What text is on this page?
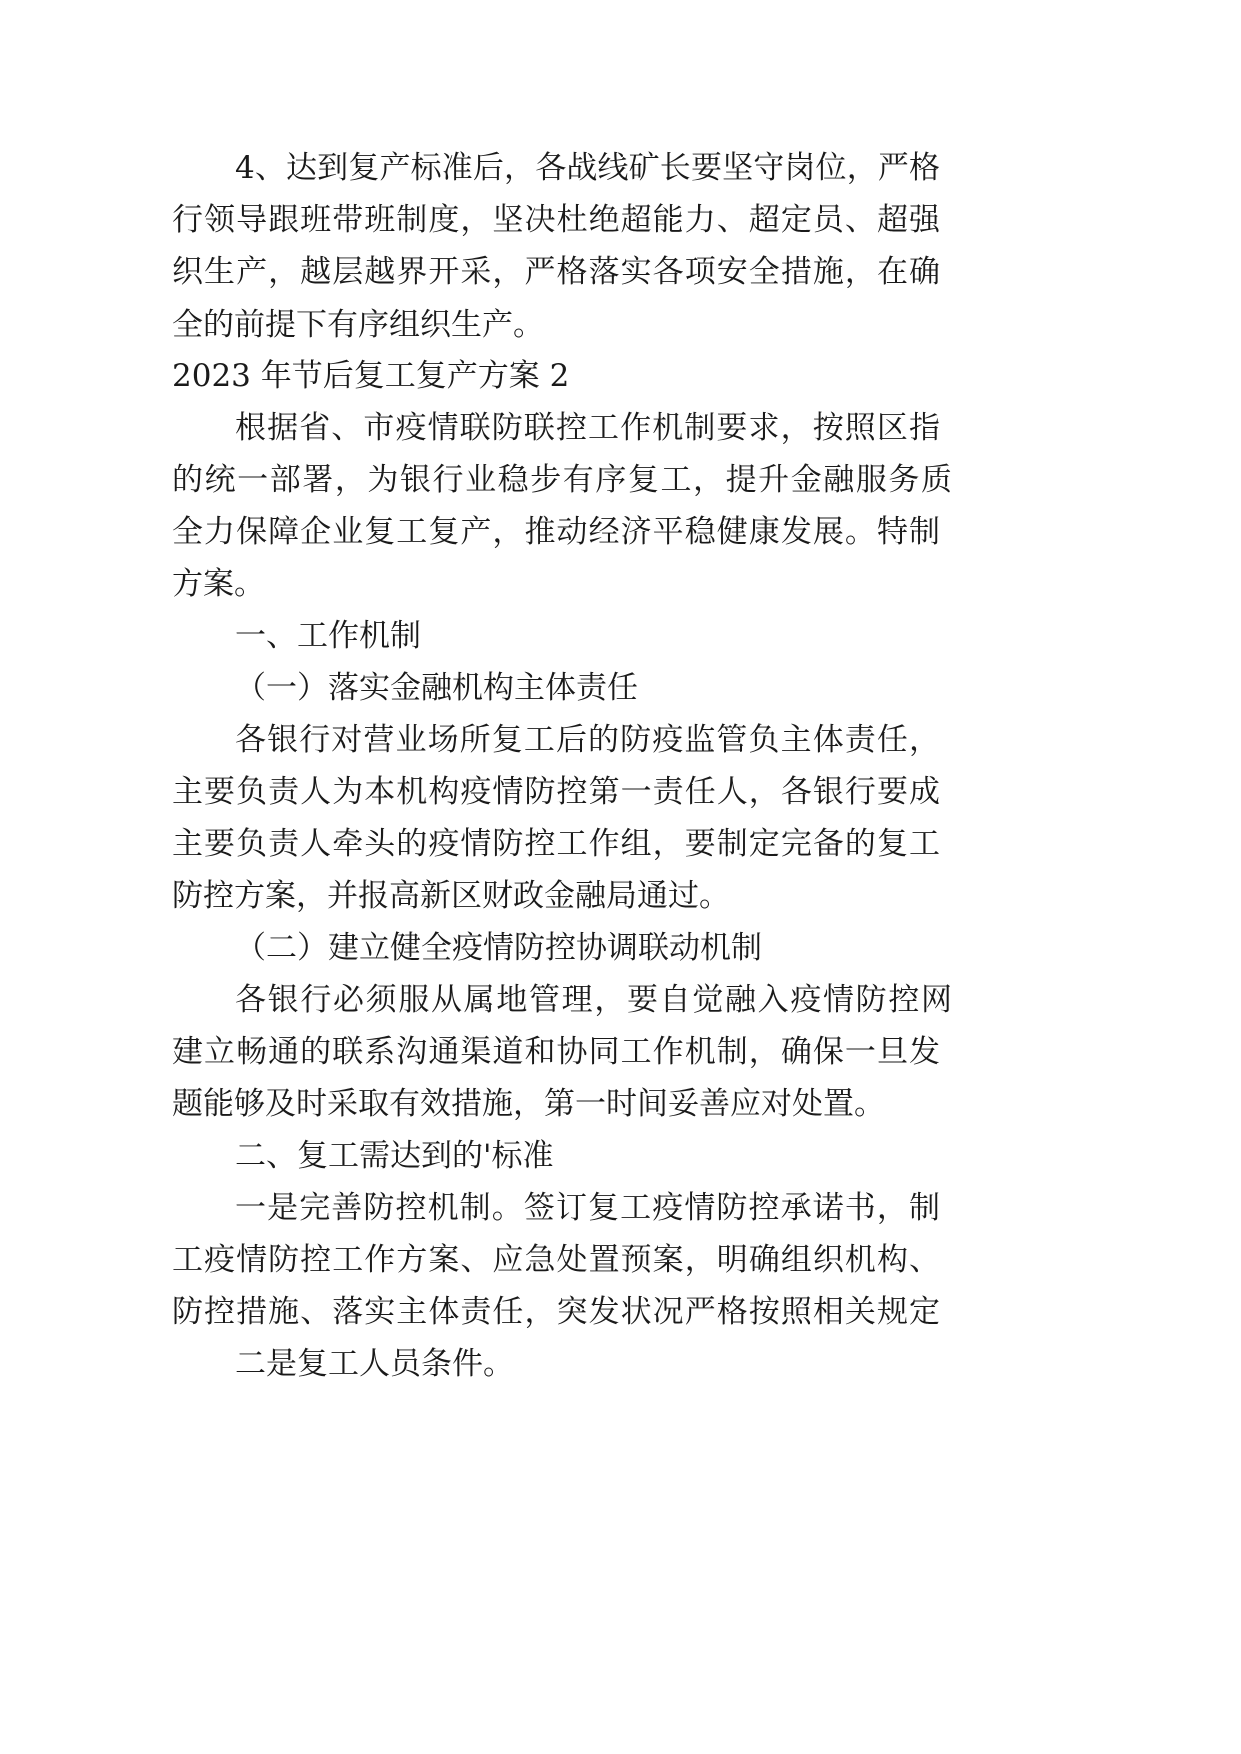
4、达到复产标准后，各战线矿长要坚守岗位，严格
行领导跟班带班制度，坚决杜绝超能力、超定员、超强
织生产，越层越界开采，严格落实各项安全措施，在确
全的前提下有序组织生产。
2023 年节后复工复产方案 2
根据省、市疫情联防联控工作机制要求，按照区指
的统一部署，为银行业稳步有序复工，提升金融服务质
全力保障企业复工复产，推动经济平稳健康发展。特制
方案。
一、工作机制
（一）落实金融机构主体责任
各银行对营业场所复工后的防疫监管负主体责任，
主要负责人为本机构疫情防控第一责任人，各银行要成
主要负责人牵头的疫情防控工作组，要制定完备的复工
防控方案，并报高新区财政金融局通过。
（二）建立健全疫情防控协调联动机制
各银行必须服从属地管理，要自觉融入疫情防控网
建立畅通的联系沟通渠道和协同工作机制，确保一旦发
题能够及时采取有效措施，第一时间妥善应对处置。
二、复工需达到的'标准
一是完善防控机制。签订复工疫情防控承诺书，制
工疫情防控工作方案、应急处置预案，明确组织机构、
防控措施、落实主体责任，突发状况严格按照相关规定
二是复工人员条件。
